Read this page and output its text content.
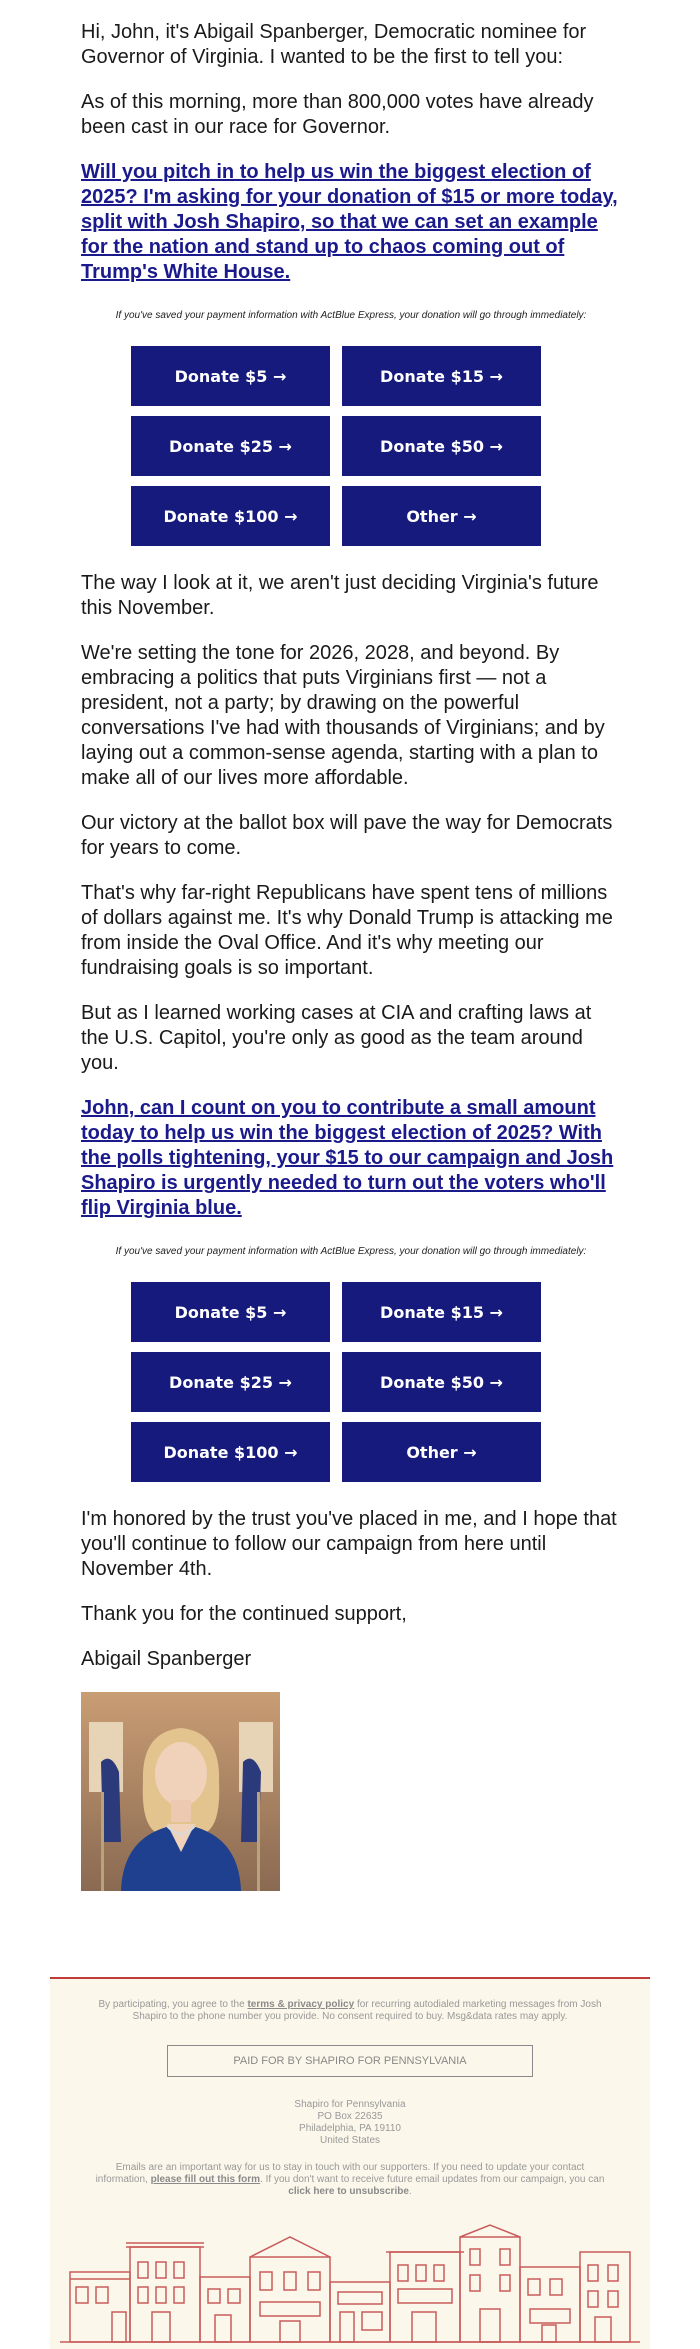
Hi, John, it's Abigail Spanberger, Democratic nominee for Governor of Virginia. I wanted to be the first to tell you:

As of this morning, more than 800,000 votes have already been cast in our race for Governor.

Will you pitch in to help us win the biggest election of 2025? I'm asking for your donation of $15 or more today, split with Josh Shapiro, so that we can set an example for the nation and stand up to chaos coming out of Trump's White House.

If you've saved your payment information with ActBlue Express, your donation will go through immediately:

Donate $5 →	Donate $15 →
Donate $25 →	Donate $50 →
Donate $100 →	Other →

The way I look at it, we aren't just deciding Virginia's future this November.

We're setting the tone for 2026, 2028, and beyond. By embracing a politics that puts Virginians first — not a president, not a party; by drawing on the powerful conversations I've had with thousands of Virginians; and by laying out a common-sense agenda, starting with a plan to make all of our lives more affordable.

Our victory at the ballot box will pave the way for Democrats for years to come.

That's why far-right Republicans have spent tens of millions of dollars against me. It's why Donald Trump is attacking me from inside the Oval Office. And it's why meeting our fundraising goals is so important.

But as I learned working cases at CIA and crafting laws at the U.S. Capitol, you're only as good as the team around you.

John, can I count on you to contribute a small amount today to help us win the biggest election of 2025? With the polls tightening, your $15 to our campaign and Josh Shapiro is urgently needed to turn out the voters who'll flip Virginia blue.

If you've saved your payment information with ActBlue Express, your donation will go through immediately:

Donate $5 →	Donate $15 →
Donate $25 →	Donate $50 →
Donate $100 →	Other →

I'm honored by the trust you've placed in me, and I hope that you'll continue to follow our campaign from here until November 4th.

Thank you for the continued support,

Abigail Spanberger

By participating, you agree to the terms & privacy policy for recurring autodialed marketing messages from Josh Shapiro to the phone number you provide. No consent required to buy. Msg&data rates may apply.

PAID FOR BY SHAPIRO FOR PENNSYLVANIA

Shapiro for Pennsylvania
PO Box 22635
Philadelphia, PA 19110
United States

Emails are an important way for us to stay in touch with our supporters. If you need to update your contact information, please fill out this form. If you don't want to receive future email updates from our campaign, you can click here to unsubscribe.
